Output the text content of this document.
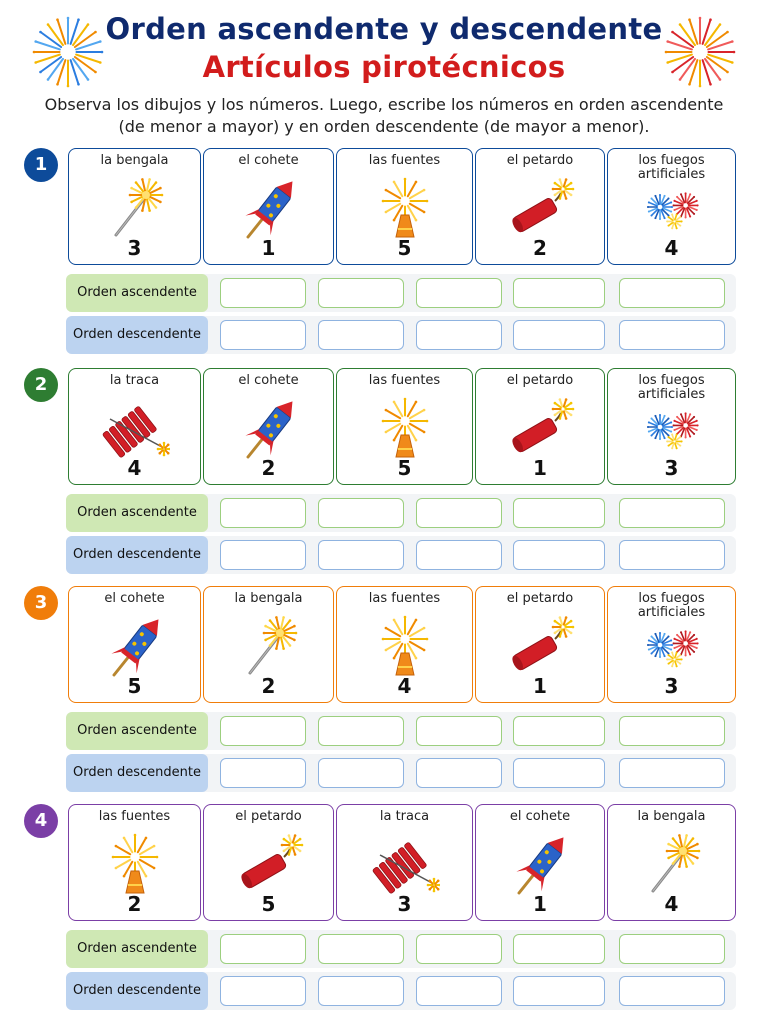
Orden ascendente y descendente
Artículos pirotécnicos
Observa los dibujos y los números. Luego, escribe los números en orden ascendente (de menor a mayor) y en orden descendente (de mayor a menor).
1	la bengala
3
el cohete
1
las fuentes
5
el petardo
2
los fuegos artificiales
4
Orden ascendente
Orden descendente
2	la traca
4
el cohete
2
las fuentes
5
el petardo
1
los fuegos artificiales
3
Orden ascendente
Orden descendente
3	el cohete
5
la bengala
2
las fuentes
4
el petardo
1
los fuegos artificiales
3
Orden ascendente
Orden descendente
4	las fuentes
2
el petardo
5
la traca
3
el cohete
1
la bengala
4
Orden ascendente
Orden descendente
